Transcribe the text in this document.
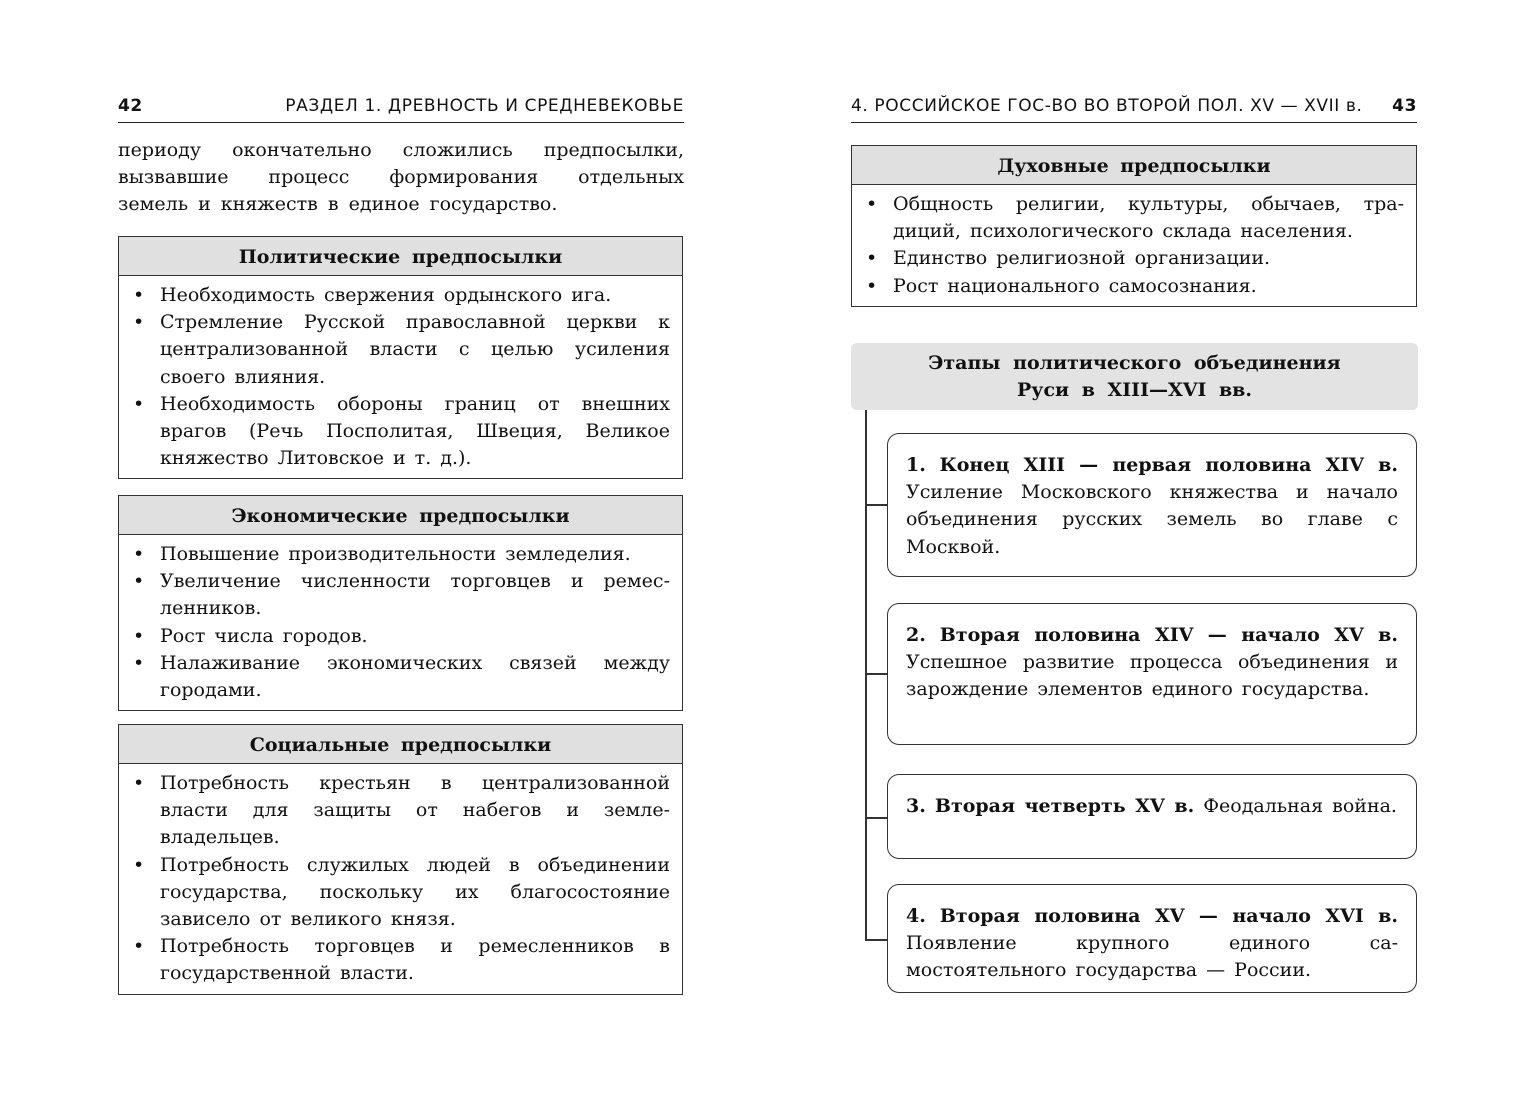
42	РАЗДЕЛ 1. ДРЕВНОСТЬ И СРЕДНЕВЕКОВЬЕ
периоду окончательно сложились предпосылки,
вызвавшие процесс формирования отдельных
земель и княжеств в единое государство.
Политические предпосылки
• Необходимость свержения ордынского ига.
• Стремление Русской православной церкви к централизованной власти с целью усиления своего влияния.
• Необходимость обороны границ от внешних врагов (Речь Посполитая, Швеция, Великое княжество Литовское и т. д.).
Экономические предпосылки
• Повышение производительности земледелия.
• Увеличение численности торговцев и ремесленников.
• Рост числа городов.
• Налаживание экономических связей между городами.
Социальные предпосылки
• Потребность крестьян в централизованной власти для защиты от набегов и землевладельцев.
• Потребность служилых людей в объединении государства, поскольку их благосостояние зависело от великого князя.
• Потребность торговцев и ремесленников в государственной власти.
4. РОССИЙСКОЕ ГОС-ВО ВО ВТОРОЙ ПОЛ. XV — XVII в. 43
Духовные предпосылки
• Общность религии, культуры, обычаев, традиций, психологического склада населения.
• Единство религиозной организации.
• Рост национального самосознания.
Этапы политического объединения
Руси в XIII—XVI вв.
1. Конец XIII — первая половина XIV в. Усиление Московского княжества и начало объединения русских земель во главе с Москвой.
2. Вторая половина XIV — начало XV в. Успешное развитие процесса объединения и зарождение элементов единого государства.
3. Вторая четверть XV в. Феодальная война.
4. Вторая половина XV — начало XVI в. Появление крупного единого самостоятельного государства — России.
